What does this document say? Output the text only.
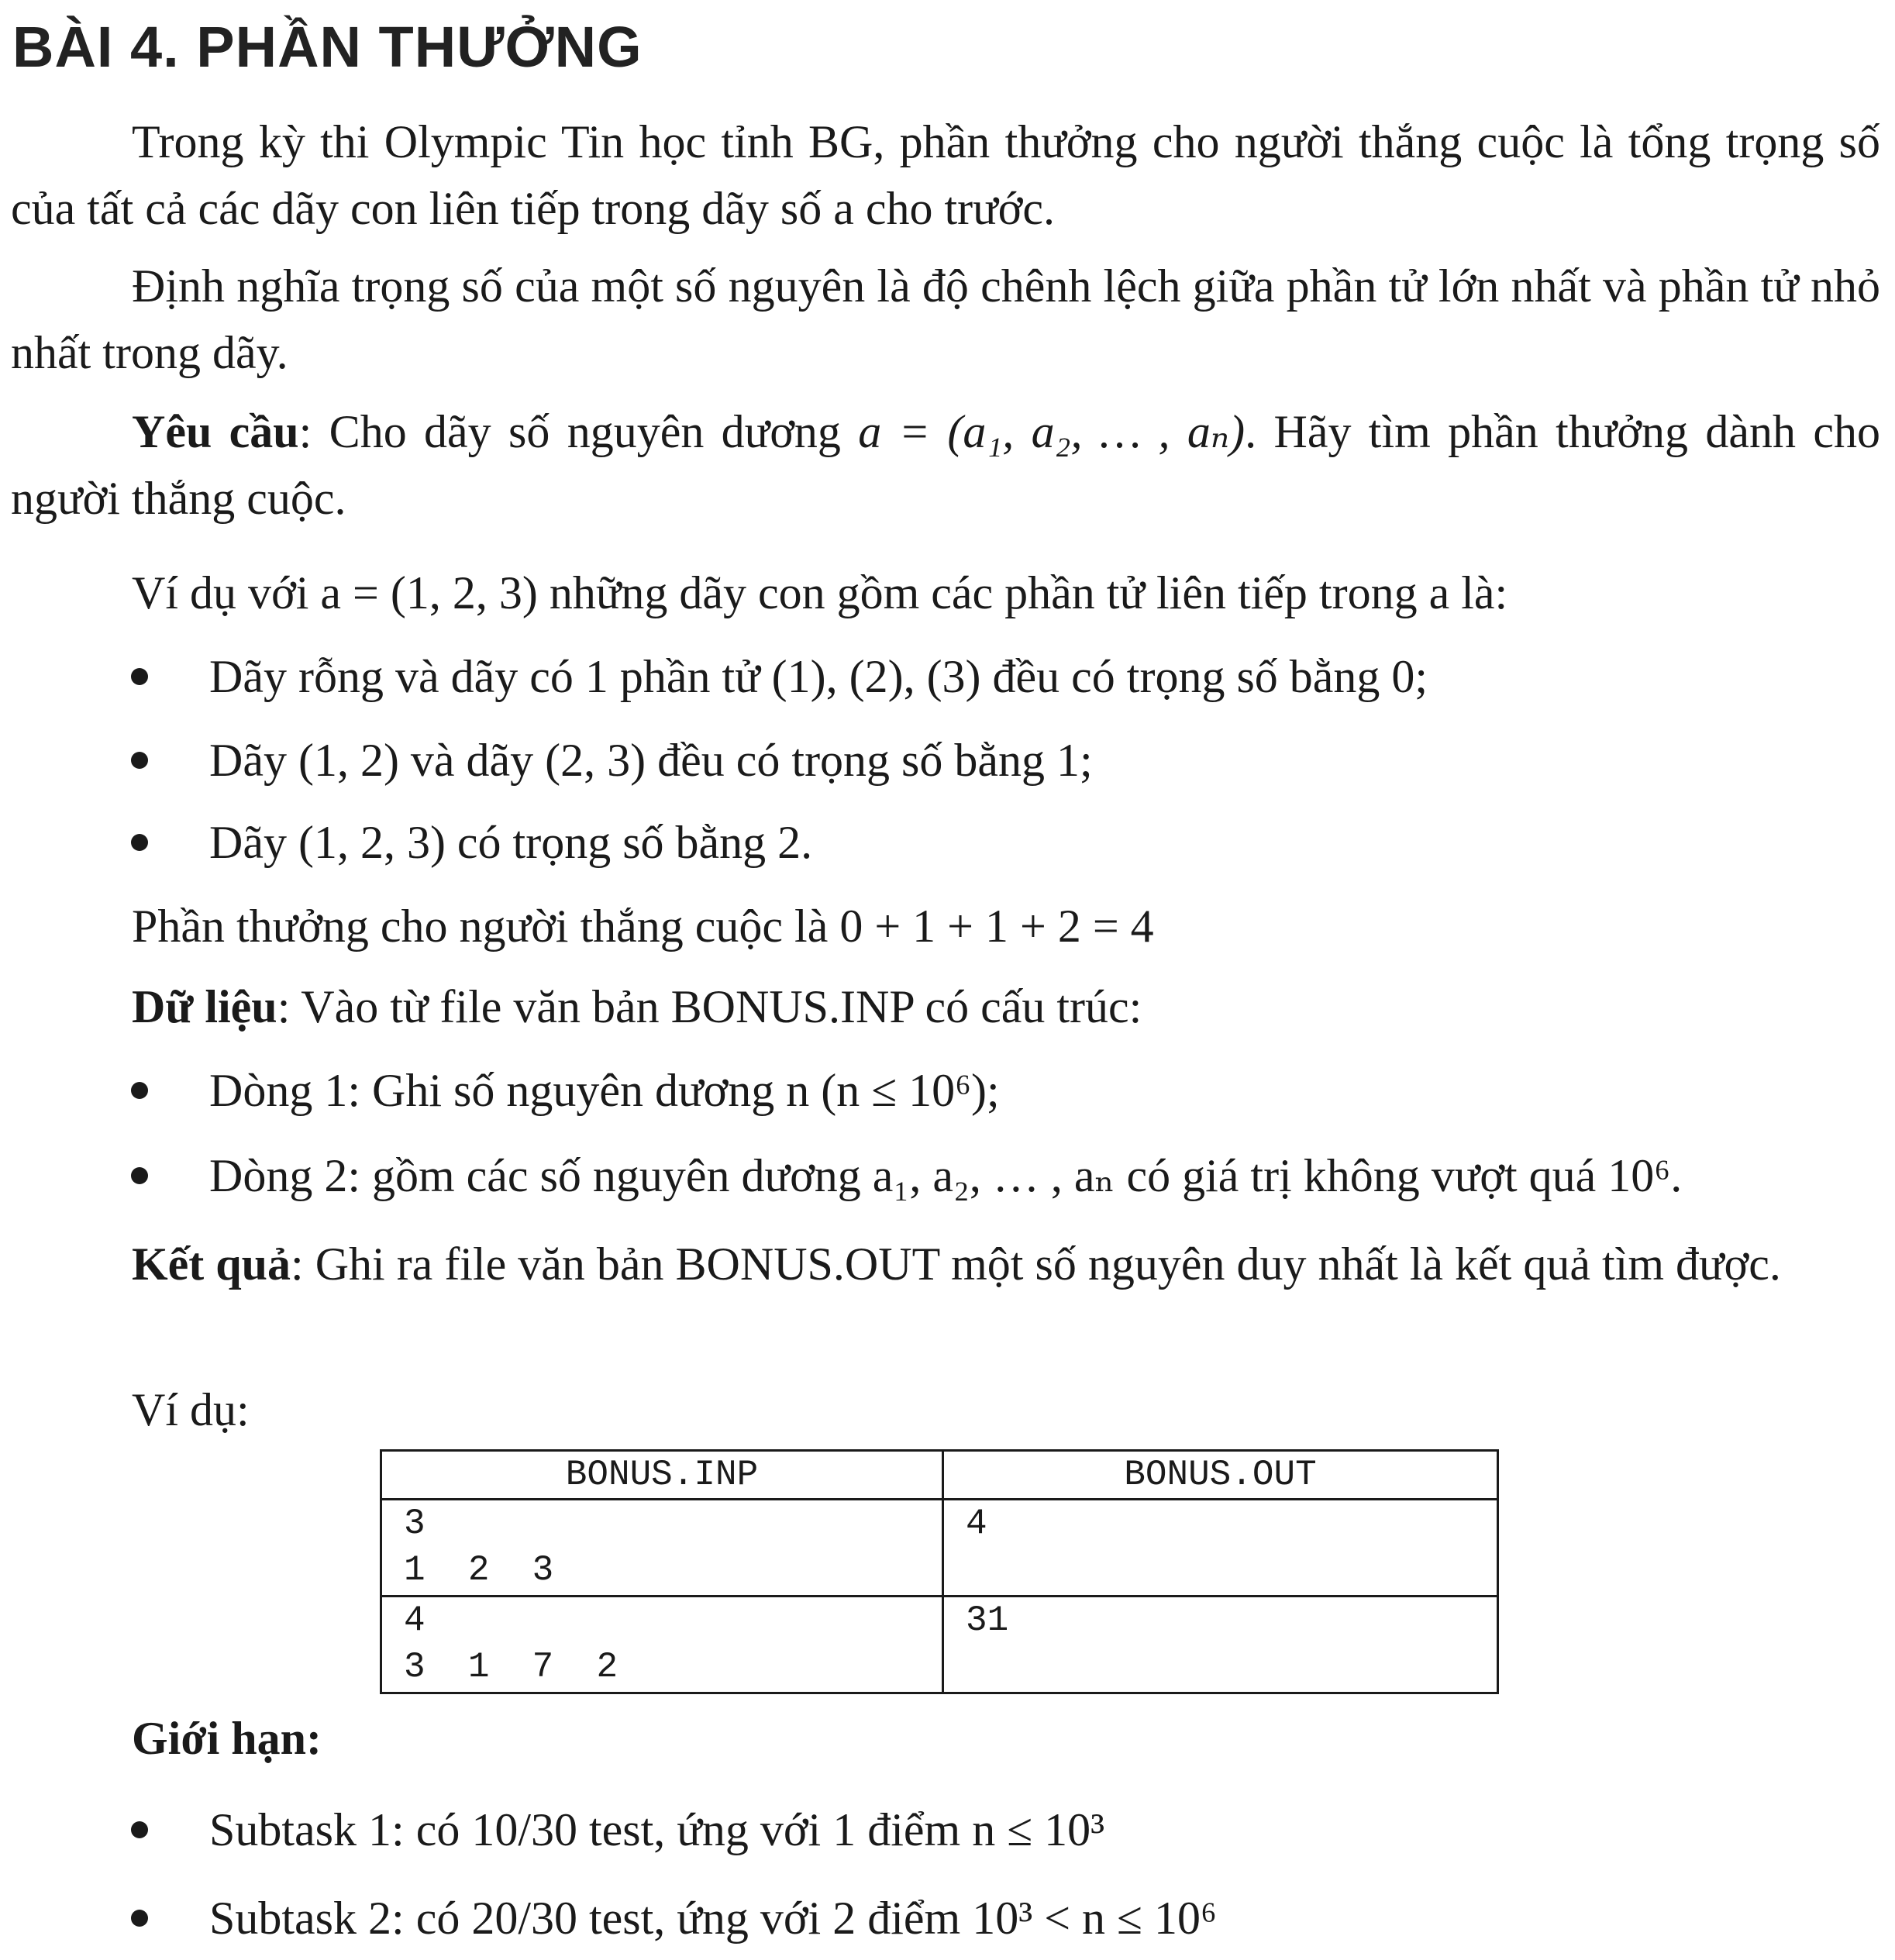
BÀI 4. PHẦN THƯỞNG
Trong kỳ thi Olympic Tin học tỉnh BG, phần thưởng cho người thắng cuộc là tổng trọng số của tất cả các dãy con liên tiếp trong dãy số a cho trước.
Định nghĩa trọng số của một số nguyên là độ chênh lệch giữa phần tử lớn nhất và phần tử nhỏ nhất trong dãy.
Yêu cầu: Cho dãy số nguyên dương a = (a₁, a₂, … , aₙ). Hãy tìm phần thưởng dành cho người thắng cuộc.
Ví dụ với a = (1, 2, 3) những dãy con gồm các phần tử liên tiếp trong a là:
Dãy rỗng và dãy có 1 phần tử (1), (2), (3) đều có trọng số bằng 0;
Dãy (1, 2) và dãy (2, 3) đều có trọng số bằng 1;
Dãy (1, 2, 3) có trọng số bằng 2.
Phần thưởng cho người thắng cuộc là 0 + 1 + 1 + 2 = 4
Dữ liệu: Vào từ file văn bản BONUS.INP có cấu trúc:
Dòng 1: Ghi số nguyên dương n (n ≤ 10⁶);
Dòng 2: gồm các số nguyên dương a₁, a₂, … , aₙ có giá trị không vượt quá 10⁶.
Kết quả: Ghi ra file văn bản BONUS.OUT một số nguyên duy nhất là kết quả tìm được.
Ví dụ:
BONUS.INP	BONUS.OUT
3
1  2  3	4
4
3  1  7  2	31
Giới hạn:
Subtask 1: có 10/30 test, ứng với 1 điểm n ≤ 10³
Subtask 2: có 20/30 test, ứng với 2 điểm 10³ < n ≤ 10⁶
